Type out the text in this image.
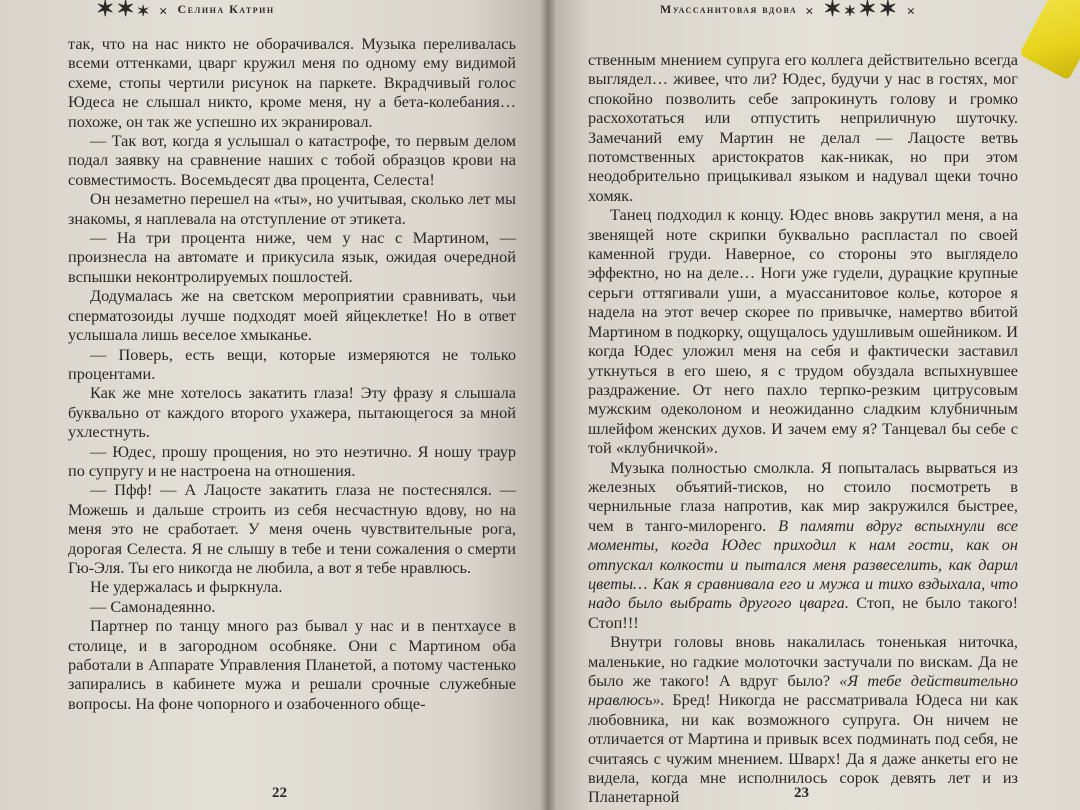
✶✶✶ × Селина Катрин

так, что на нас никто не оборачивался. Музыка переливалась всеми оттенками, цварг кружил меня по одному ему видимой схеме, стопы чертили рисунок на паркете. Вкрадчивый голос Юдеса не слышал никто, кроме меня, ну а бета-колебания… похоже, он так же успешно их экранировал.

— Так вот, когда я услышал о катастрофе, то первым делом подал заявку на сравнение наших с тобой образцов крови на совместимость. Восемьдесят два процента, Селеста!

Он незаметно перешел на «ты», но учитывая, сколько лет мы знакомы, я наплевала на отступление от этикета.

— На три процента ниже, чем у нас с Мартином, — произнесла на автомате и прикусила язык, ожидая очередной вспышки неконтролируемых пошлостей.

Додумалась же на светском мероприятии сравнивать, чьи сперматозоиды лучше подходят моей яйцеклетке! Но в ответ услышала лишь веселое хмыканье.

— Поверь, есть вещи, которые измеряются не только процентами.

Как же мне хотелось закатить глаза! Эту фразу я слышала буквально от каждого второго ухажера, пытающегося за мной ухлестнуть.

— Юдес, прошу прощения, но это неэтично. Я ношу траур по супругу и не настроена на отношения.

— Пфф! — А Лацосте закатить глаза не постеснялся. — Можешь и дальше строить из себя несчастную вдову, но на меня это не сработает. У меня очень чувствительные рога, дорогая Селеста. Я не слышу в тебе и тени сожаления о смерти Гю-Эля. Ты его никогда не любила, а вот я тебе нравлюсь.

Не удержалась и фыркнула.

— Самонадеянно.

Партнер по танцу много раз бывал у нас и в пентхаусе в столице, и в загородном особняке. Они с Мартином оба работали в Аппарате Управления Планетой, а потому частенько запирались в кабинете мужа и решали срочные служебные вопросы. На фоне чопорного и озабоченного обще-

22
Муассанитовая вдова × ✶✶✶✶ ×

ственным мнением супруга его коллега действительно всегда выглядел… живее, что ли? Юдес, будучи у нас в гостях, мог спокойно позволить себе запрокинуть голову и громко расхохотаться или отпустить неприличную шуточку. Замечаний ему Мартин не делал — Лацосте ветвь потомственных аристократов как-никак, но при этом неодобрительно прицыкивал языком и надувал щеки точно хомяк.

Танец подходил к концу. Юдес вновь закрутил меня, а на звенящей ноте скрипки буквально распластал по своей каменной груди. Наверное, со стороны это выглядело эффектно, но на деле… Ноги уже гудели, дурацкие крупные серьги оттягивали уши, а муассанитовое колье, которое я надела на этот вечер скорее по привычке, намертво вбитой Мартином в подкорку, ощущалось удушливым ошейником. И когда Юдес уложил меня на себя и фактически заставил уткнуться в его шею, я с трудом обуздала вспыхнувшее раздражение. От него пахло терпко-резким цитрусовым мужским одеколоном и неожиданно сладким клубничным шлейфом женских духов. И зачем ему я? Танцевал бы себе с той «клубничкой».

Музыка полностью смолкла. Я попыталась вырваться из железных объятий-тисков, но стоило посмотреть в чернильные глаза напротив, как мир закружился быстрее, чем в танго-милоренго. В памяти вдруг вспыхнули все моменты, когда Юдес приходил к нам гости, как он отпускал колкости и пытался меня развеселить, как дарил цветы… Как я сравнивала его и мужа и тихо вздыхала, что надо было выбрать другого цварга. Стоп, не было такого! Стоп!!!

Внутри головы вновь накалилась тоненькая ниточка, маленькие, но гадкие молоточки застучали по вискам. Да не было же такого! А вдруг было? «Я тебе действительно нравлюсь». Бред! Никогда не рассматривала Юдеса ни как любовника, ни как возможного супруга. Он ничем не отличается от Мартина и привык всех подминать под себя, не считаясь с чужим мнением. Шварх! Да я даже анкеты его не видела, когда мне исполнилось сорок девять лет и из Планетарной	23
